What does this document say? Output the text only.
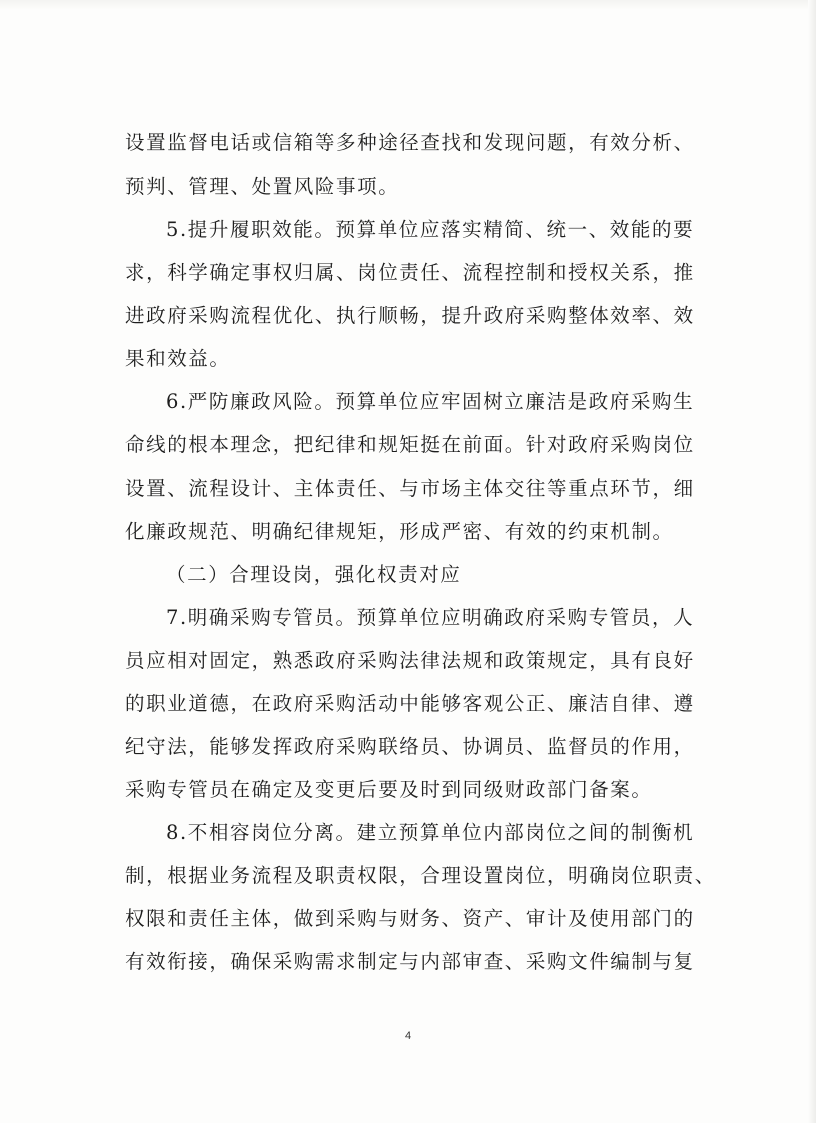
设置监督电话或信箱等多种途径查找和发现问题，有效分析、
预判、管理、处置风险事项。
5.提升履职效能。预算单位应落实精简、统一、效能的要
求，科学确定事权归属、岗位责任、流程控制和授权关系，推
进政府采购流程优化、执行顺畅，提升政府采购整体效率、效
果和效益。
6.严防廉政风险。预算单位应牢固树立廉洁是政府采购生
命线的根本理念，把纪律和规矩挺在前面。针对政府采购岗位
设置、流程设计、主体责任、与市场主体交往等重点环节，细
化廉政规范、明确纪律规矩，形成严密、有效的约束机制。
（二）合理设岗，强化权责对应
7.明确采购专管员。预算单位应明确政府采购专管员，人
员应相对固定，熟悉政府采购法律法规和政策规定，具有良好
的职业道德，在政府采购活动中能够客观公正、廉洁自律、遵
纪守法，能够发挥政府采购联络员、协调员、监督员的作用，
采购专管员在确定及变更后要及时到同级财政部门备案。
8.不相容岗位分离。建立预算单位内部岗位之间的制衡机
制，根据业务流程及职责权限，合理设置岗位，明确岗位职责、
权限和责任主体，做到采购与财务、资产、审计及使用部门的
有效衔接，确保采购需求制定与内部审查、采购文件编制与复
4
